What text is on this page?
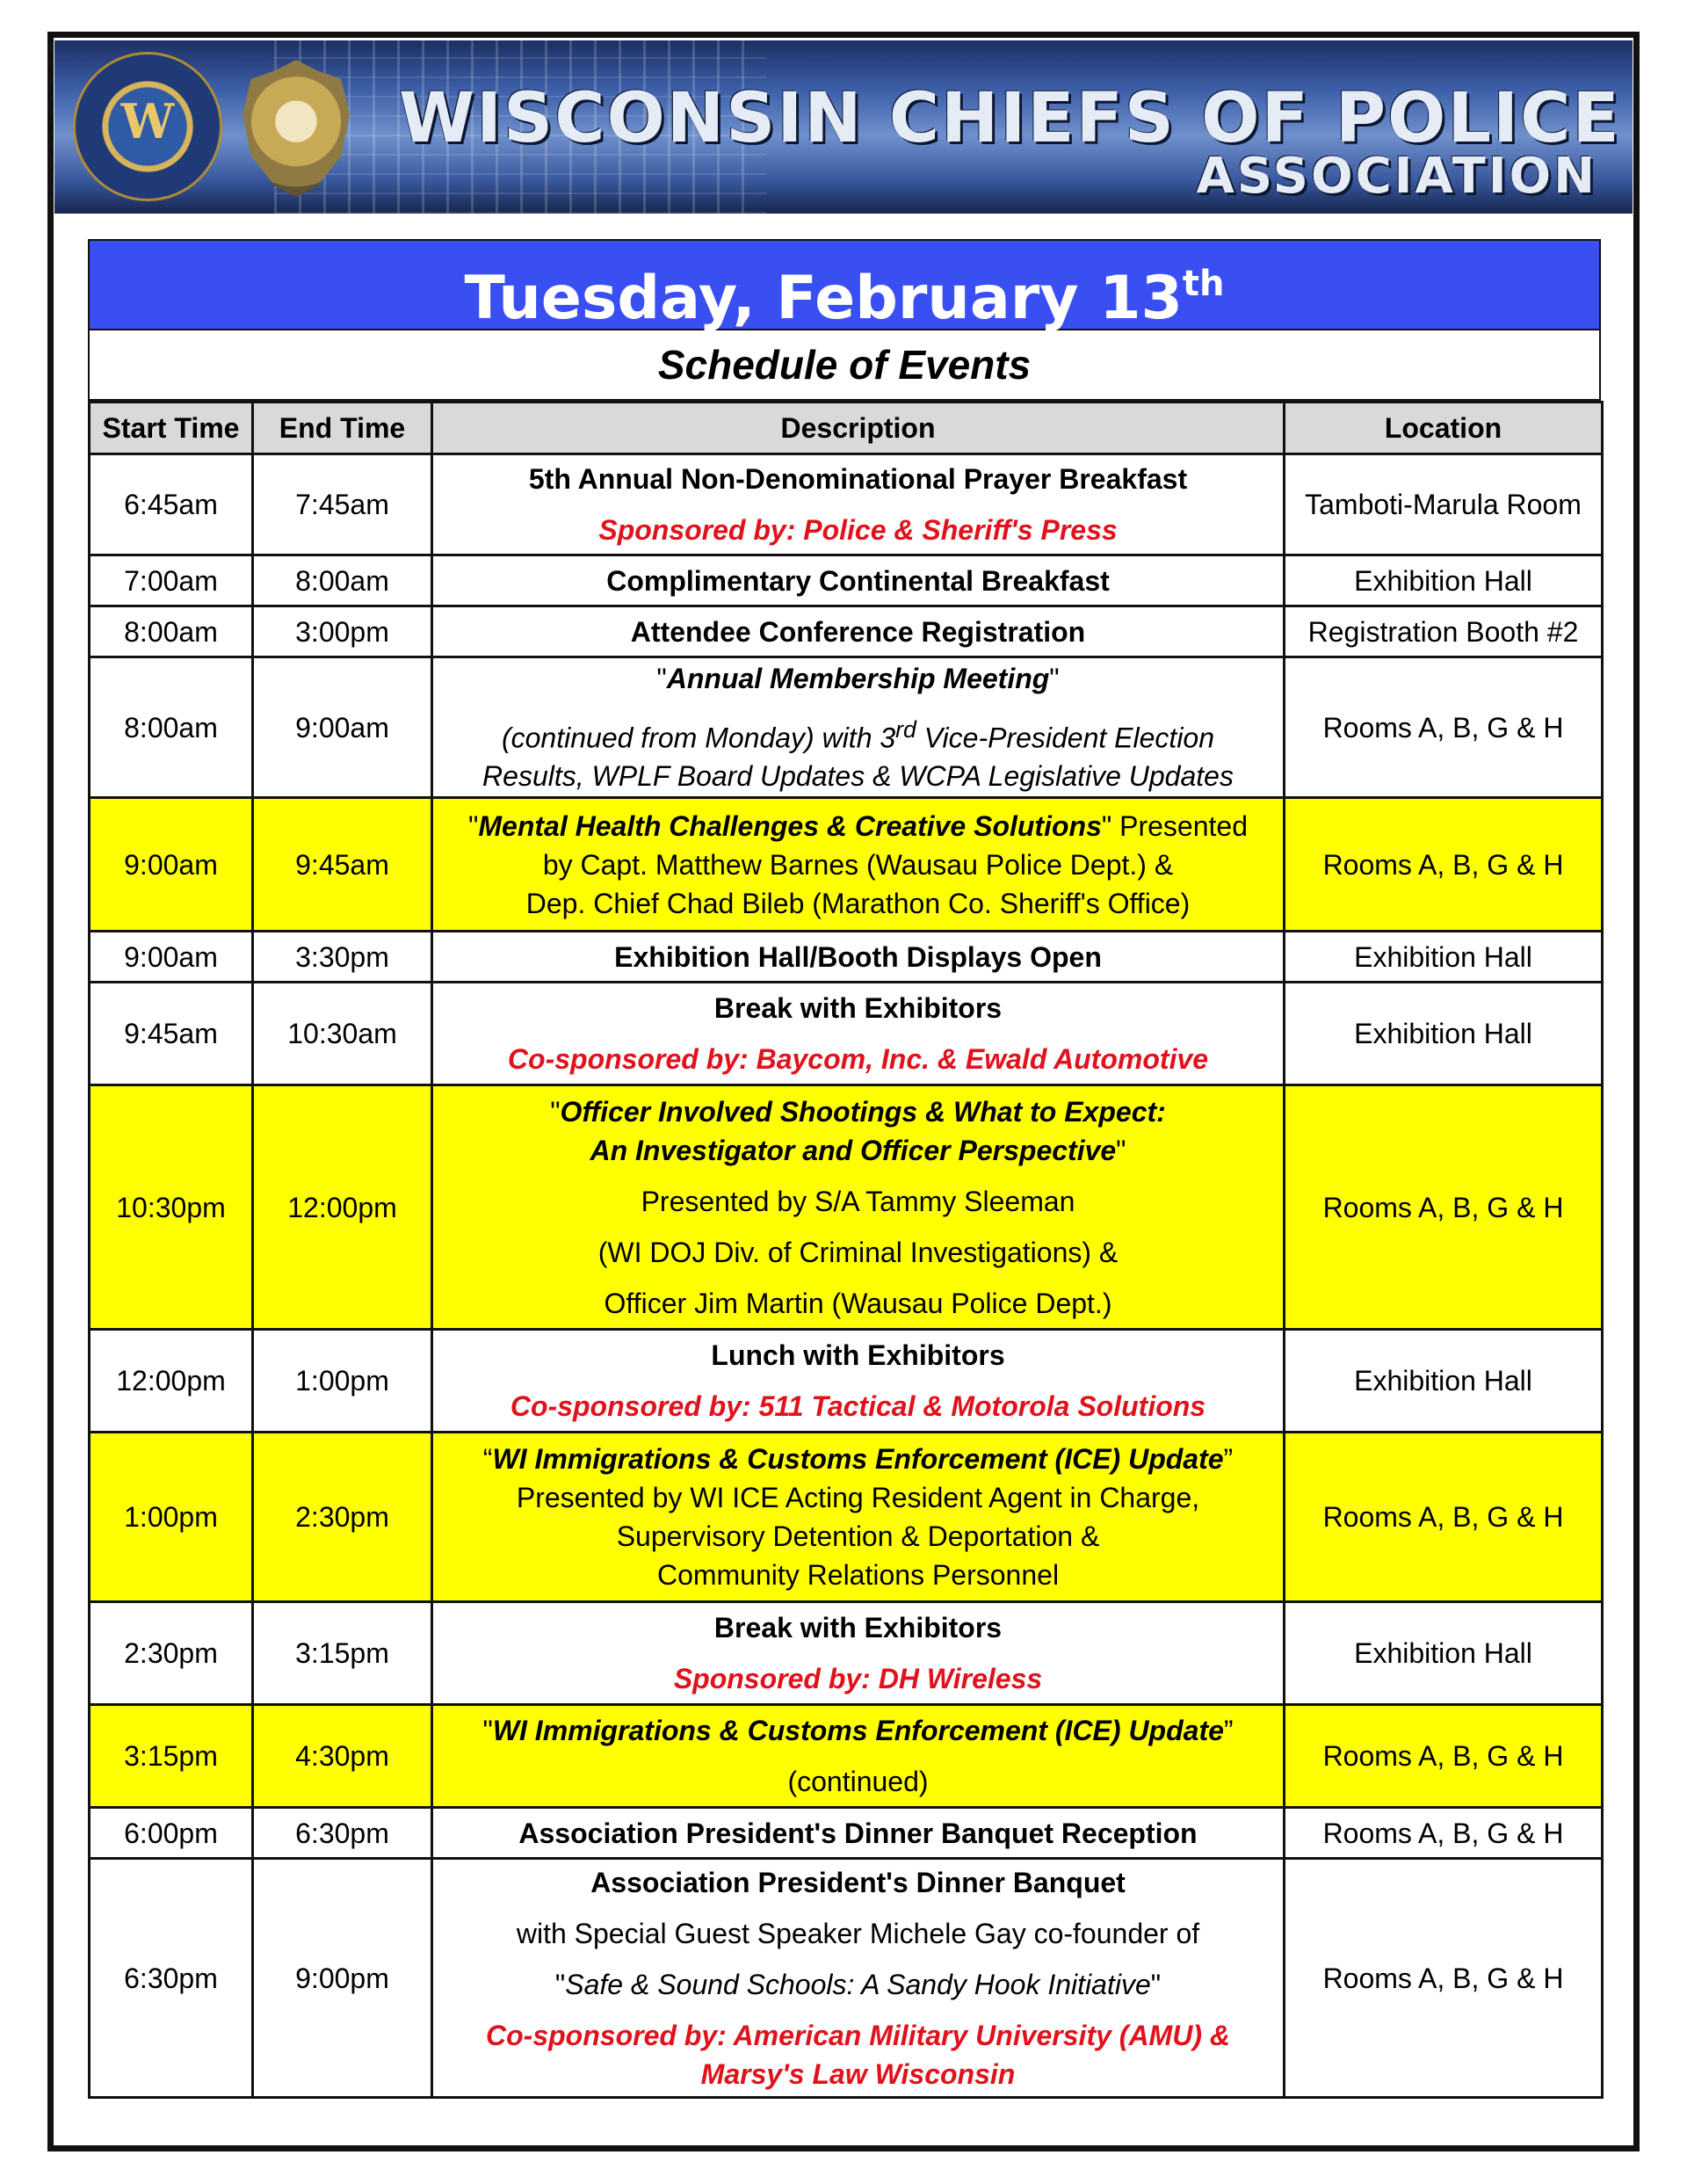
W	WISCONSIN CHIEFS OF POLICE
ASSOCIATION
Tuesday, February 13th
Schedule of Events
Start Time	End Time	Description	Location
6:45am	7:45am	5th Annual Non-Denominational Prayer Breakfast
Sponsored by: Police & Sheriff's Press	Tamboti-Marula Room
7:00am	8:00am	Complimentary Continental Breakfast	Exhibition Hall
8:00am	3:00pm	Attendee Conference Registration	Registration Booth #2
8:00am	9:00am	"Annual Membership Meeting"
(continued from Monday) with 3rd Vice-President Election
Results, WPLF Board Updates & WCPA Legislative Updates	Rooms A, B, G & H
9:00am	9:45am	"Mental Health Challenges & Creative Solutions" Presented
by Capt. Matthew Barnes (Wausau Police Dept.) &
Dep. Chief Chad Bileb (Marathon Co. Sheriff's Office)	Rooms A, B, G & H
9:00am	3:30pm	Exhibition Hall/Booth Displays Open	Exhibition Hall
9:45am	10:30am	Break with Exhibitors
Co-sponsored by: Baycom, Inc. & Ewald Automotive	Exhibition Hall
10:30pm	12:00pm	"Officer Involved Shootings & What to Expect:
An Investigator and Officer Perspective"
Presented by S/A Tammy Sleeman
(WI DOJ Div. of Criminal Investigations) &
Officer Jim Martin (Wausau Police Dept.)	Rooms A, B, G & H
12:00pm	1:00pm	Lunch with Exhibitors
Co-sponsored by: 511 Tactical & Motorola Solutions	Exhibition Hall
1:00pm	2:30pm	“WI Immigrations & Customs Enforcement (ICE) Update”
Presented by WI ICE Acting Resident Agent in Charge,
Supervisory Detention & Deportation &
Community Relations Personnel	Rooms A, B, G & H
2:30pm	3:15pm	Break with Exhibitors
Sponsored by: DH Wireless	Exhibition Hall
3:15pm	4:30pm	"WI Immigrations & Customs Enforcement (ICE) Update”
(continued)	Rooms A, B, G & H
6:00pm	6:30pm	Association President's Dinner Banquet Reception	Rooms A, B, G & H
6:30pm	9:00pm	Association President's Dinner Banquet
with Special Guest Speaker Michele Gay co-founder of
"Safe & Sound Schools: A Sandy Hook Initiative"
Co-sponsored by: American Military University (AMU) &
Marsy's Law Wisconsin	Rooms A, B, G & H
